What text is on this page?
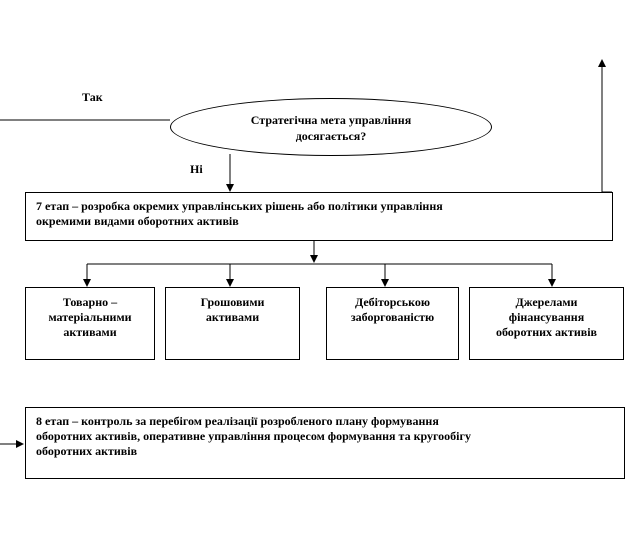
Так
Стратегічна мета управління
досягається?
Ні
7 етап – розробка окремих управлінських рішень або політики управління
окремими видами оборотних активів
Товарно –
матеріальними
активами
Грошовими
активами
Дебіторською
заборгованістю
Джерелами
фінансування
оборотних активів
8 етап – контроль за перебігом реалізації розробленого плану формування
оборотних активів, оперативне управління процесом формування та кругообігу
оборотних активів
